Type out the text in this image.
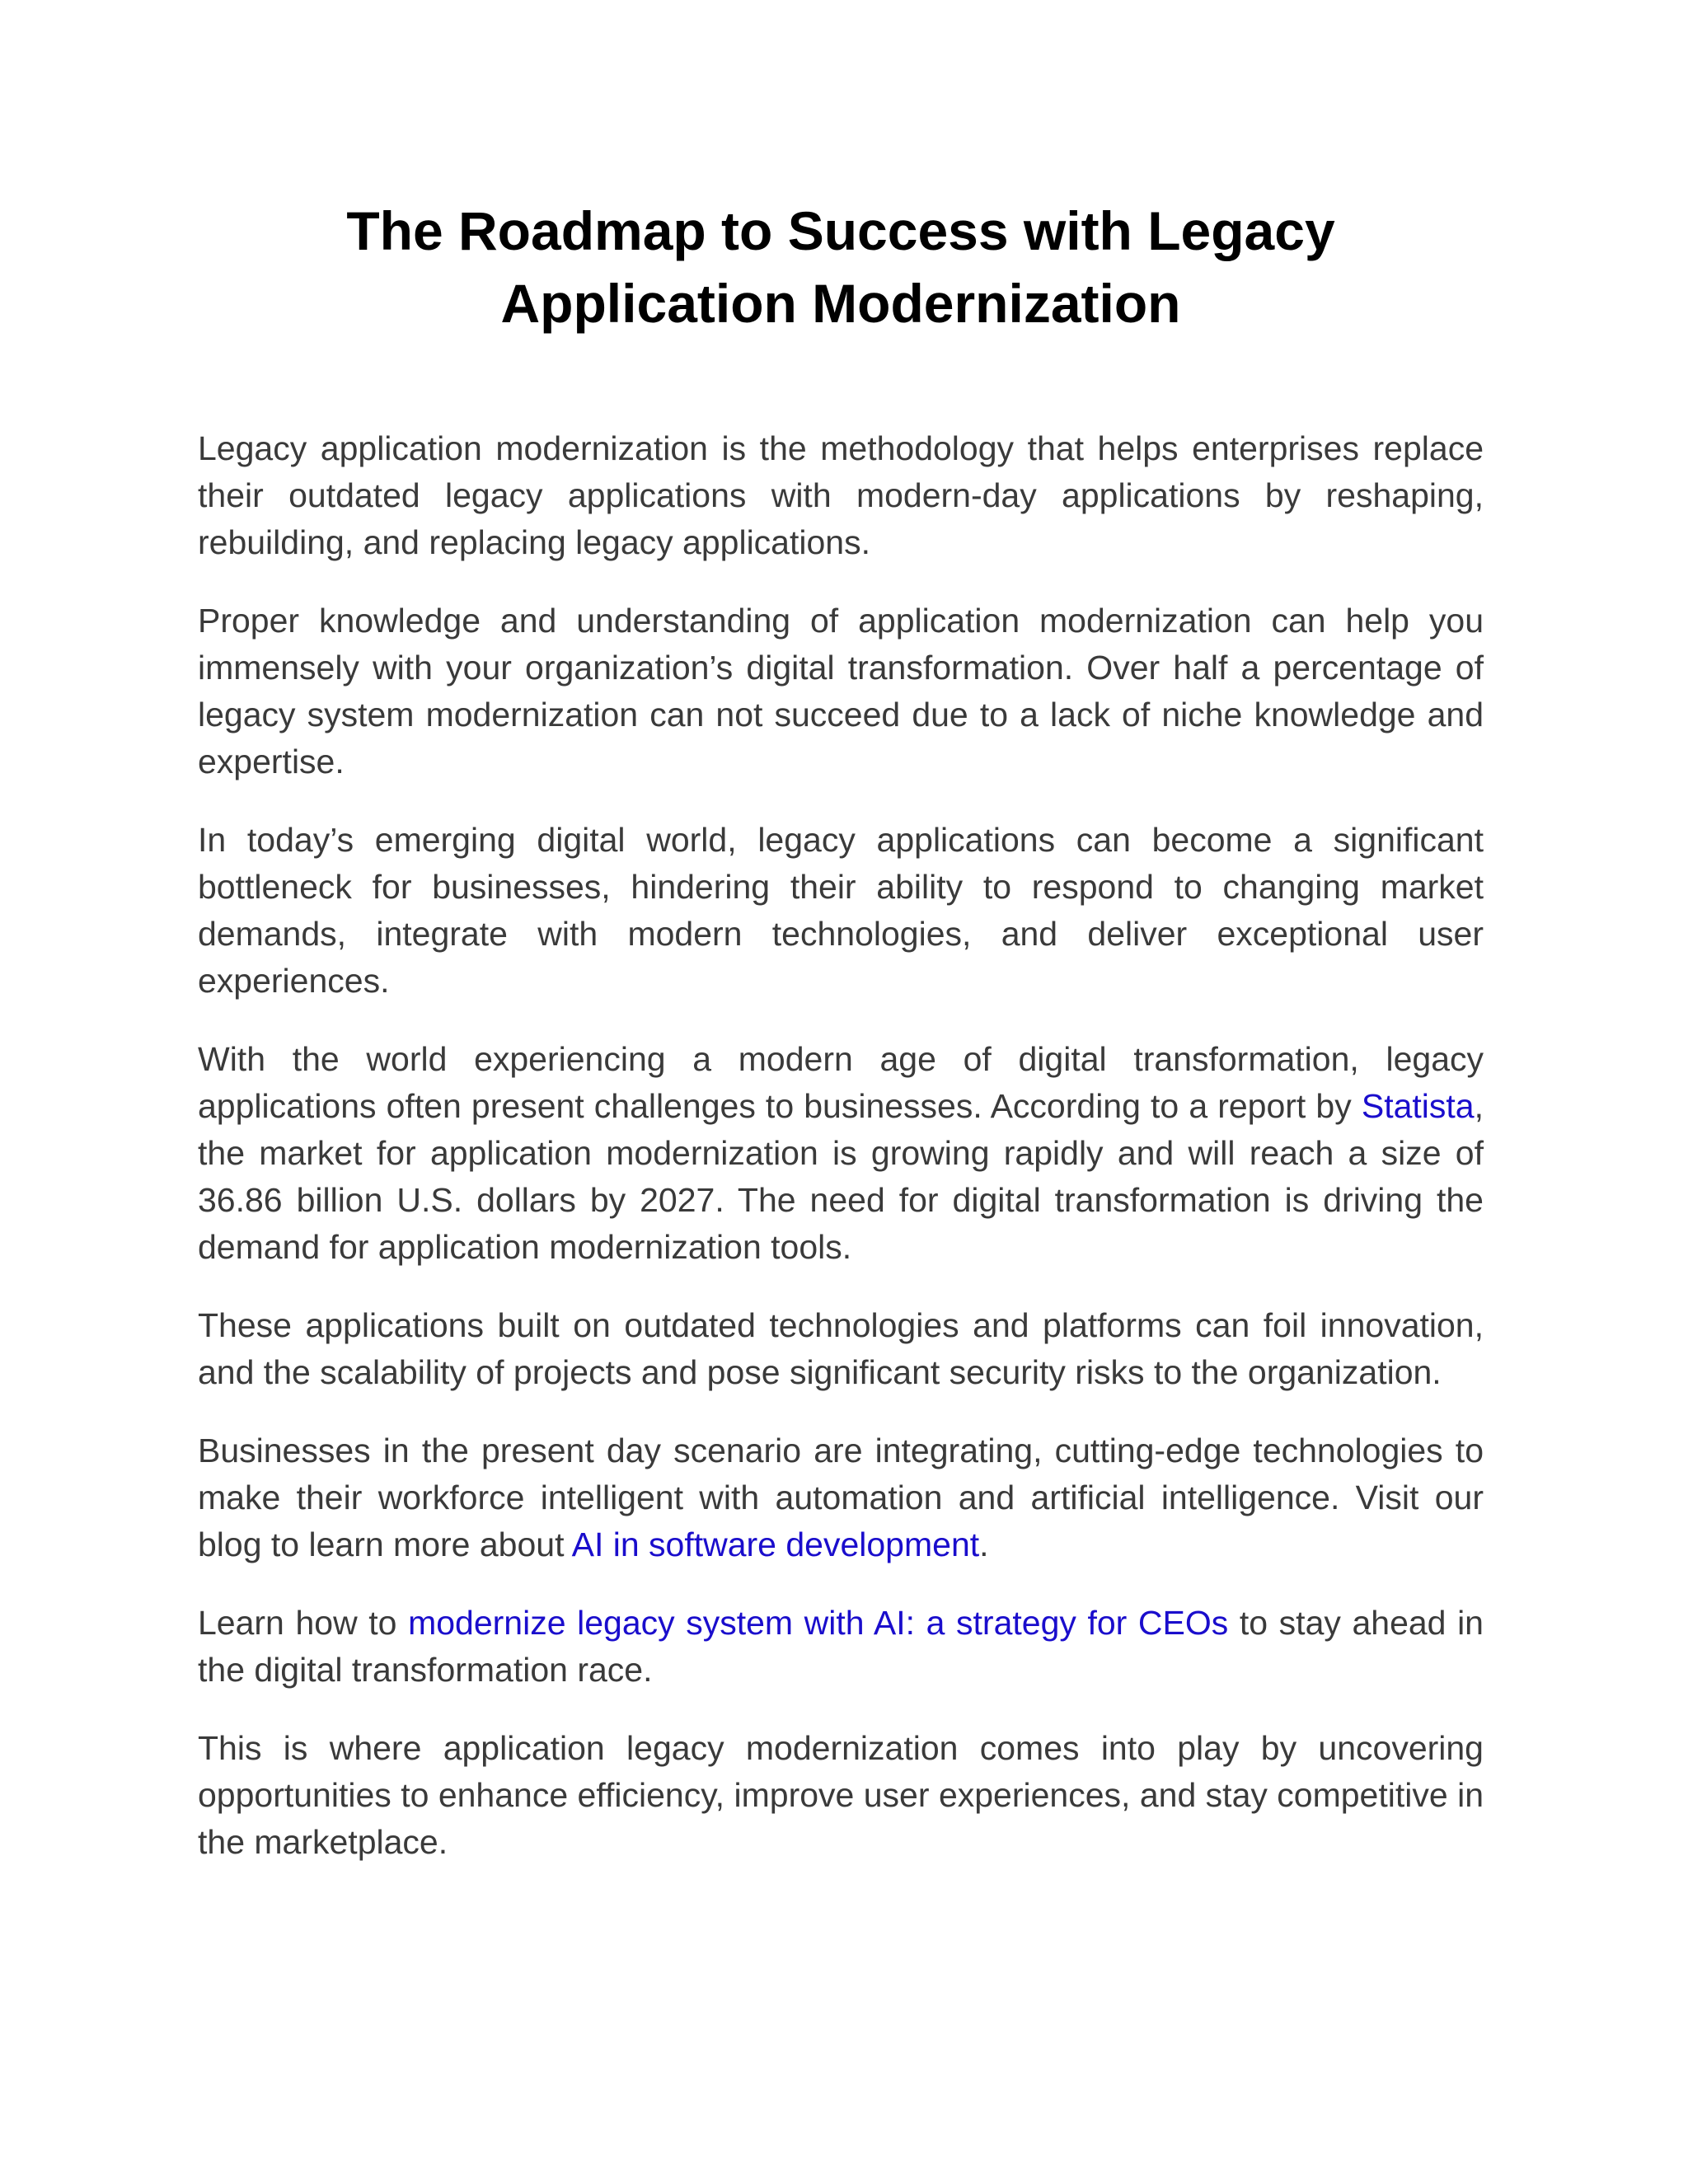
The Roadmap to Success with Legacy Application Modernization

Legacy application modernization is the methodology that helps enterprises replace their outdated legacy applications with modern-day applications by reshaping, rebuilding, and replacing legacy applications.

Proper knowledge and understanding of application modernization can help you immensely with your organization’s digital transformation. Over half a percentage of legacy system modernization can not succeed due to a lack of niche knowledge and expertise.

In today’s emerging digital world, legacy applications can become a significant bottleneck for businesses, hindering their ability to respond to changing market demands, integrate with modern technologies, and deliver exceptional user experiences.

With the world experiencing a modern age of digital transformation, legacy applications often present challenges to businesses. According to a report by Statista, the market for application modernization is growing rapidly and will reach a size of 36.86 billion U.S. dollars by 2027. The need for digital transformation is driving the demand for application modernization tools.

These applications built on outdated technologies and platforms can foil innovation, and the scalability of projects and pose significant security risks to the organization.

Businesses in the present day scenario are integrating, cutting-edge technologies to make their workforce intelligent with automation and artificial intelligence. Visit our blog to learn more about AI in software development.

Learn how to modernize legacy system with AI: a strategy for CEOs to stay ahead in the digital transformation race.

This is where application legacy modernization comes into play by uncovering opportunities to enhance efficiency, improve user experiences, and stay competitive in the marketplace.
